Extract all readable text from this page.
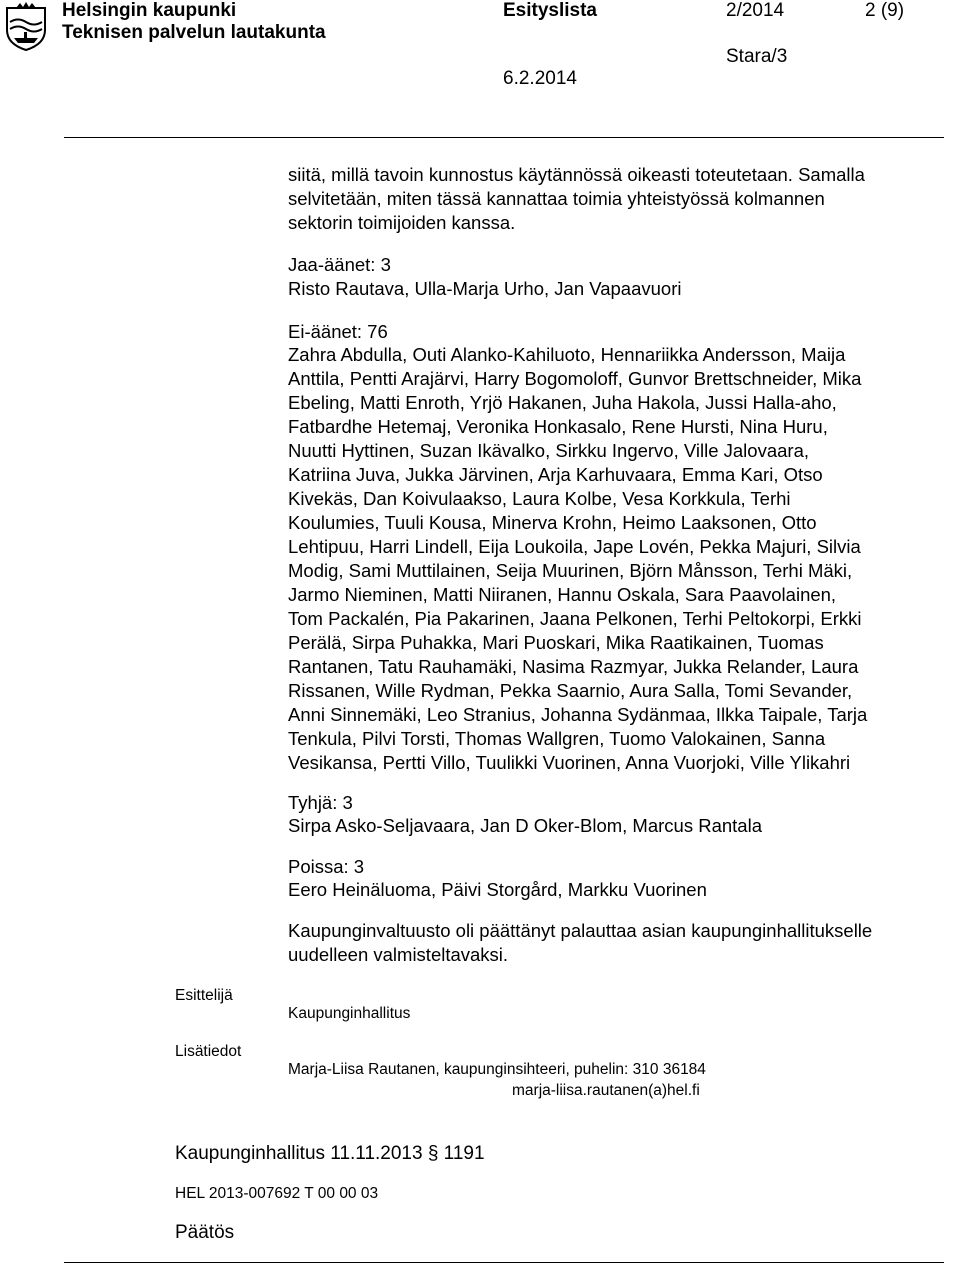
Helsingin kaupunki
Teknisen palvelun lautakunta
Esityslista	2/2014	2 (9)
Stara/3
6.2.2014
siitä, millä tavoin kunnostus käytännössä oikeasti toteutetaan. Samalla
selvitetään, miten tässä kannattaa toimia yhteistyössä kolmannen
sektorin toimijoiden kanssa.
Jaa-äänet: 3
Risto Rautava, Ulla-Marja Urho, Jan Vapaavuori
Ei-äänet: 76
Zahra Abdulla, Outi Alanko-Kahiluoto, Hennariikka Andersson, Maija
Anttila, Pentti Arajärvi, Harry Bogomoloff, Gunvor Brettschneider, Mika
Ebeling, Matti Enroth, Yrjö Hakanen, Juha Hakola, Jussi Halla-aho,
Fatbardhe Hetemaj, Veronika Honkasalo, Rene Hursti, Nina Huru,
Nuutti Hyttinen, Suzan Ikävalko, Sirkku Ingervo, Ville Jalovaara,
Katriina Juva, Jukka Järvinen, Arja Karhuvaara, Emma Kari, Otso
Kivekäs, Dan Koivulaakso, Laura Kolbe, Vesa Korkkula, Terhi
Koulumies, Tuuli Kousa, Minerva Krohn, Heimo Laaksonen, Otto
Lehtipuu, Harri Lindell, Eija Loukoila, Jape Lovén, Pekka Majuri, Silvia
Modig, Sami Muttilainen, Seija Muurinen, Björn Månsson, Terhi Mäki,
Jarmo Nieminen, Matti Niiranen, Hannu Oskala, Sara Paavolainen,
Tom Packalén, Pia Pakarinen, Jaana Pelkonen, Terhi Peltokorpi, Erkki
Perälä, Sirpa Puhakka, Mari Puoskari, Mika Raatikainen, Tuomas
Rantanen, Tatu Rauhamäki, Nasima Razmyar, Jukka Relander, Laura
Rissanen, Wille Rydman, Pekka Saarnio, Aura Salla, Tomi Sevander,
Anni Sinnemäki, Leo Stranius, Johanna Sydänmaa, Ilkka Taipale, Tarja
Tenkula, Pilvi Torsti, Thomas Wallgren, Tuomo Valokainen, Sanna
Vesikansa, Pertti Villo, Tuulikki Vuorinen, Anna Vuorjoki, Ville Ylikahri
Tyhjä: 3
Sirpa Asko-Seljavaara, Jan D Oker-Blom, Marcus Rantala
Poissa: 3
Eero Heinäluoma, Päivi Storgård, Markku Vuorinen
Kaupunginvaltuusto oli päättänyt palauttaa asian kaupunginhallitukselle
uudelleen valmisteltavaksi.
Esittelijä
Kaupunginhallitus
Lisätiedot
Marja-Liisa Rautanen, kaupunginsihteeri, puhelin: 310 36184
marja-liisa.rautanen(a)hel.fi
Kaupunginhallitus 11.11.2013 § 1191
HEL 2013-007692 T 00 00 03
Päätös
